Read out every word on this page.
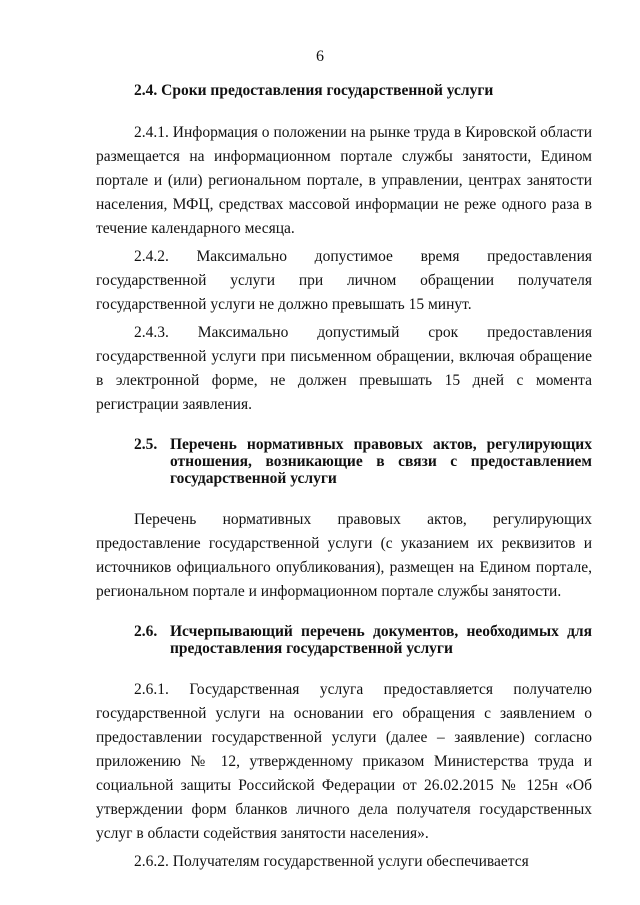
6
2.4. Сроки предоставления государственной услуги

2.4.1. Информация о положении на рынке труда в Кировской области размещается на информационном портале службы занятости, Едином портале и (или) региональном портале, в управлении, центрах занятости населения, МФЦ, средствах массовой информации не реже одного раза в течение календарного месяца.

2.4.2. Максимально допустимое время предоставления государственной услуги при личном обращении получателя государственной услуги не должно превышать 15 минут.

2.4.3. Максимально допустимый срок предоставления государственной услуги при письменном обращении, включая обращение в электронной форме, не должен превышать 15 дней с момента регистрации заявления.

2.5. Перечень нормативных правовых актов, регулирующих отношения, возникающие в связи с предоставлением государственной услуги

Перечень нормативных правовых актов, регулирующих предоставление государственной услуги (с указанием их реквизитов и источников официального опубликования), размещен на Едином портале, региональном портале и информационном портале службы занятости.

2.6. Исчерпывающий перечень документов, необходимых для предоставления государственной услуги

2.6.1. Государственная услуга предоставляется получателю государственной услуги на основании его обращения с заявлением о предоставлении государственной услуги (далее – заявление) согласно приложению № 12, утвержденному приказом Министерства труда и социальной защиты Российской Федерации от 26.02.2015 № 125н «Об утверждении форм бланков личного дела получателя государственных услуг в области содействия занятости населения».

2.6.2. Получателям государственной услуги обеспечивается
